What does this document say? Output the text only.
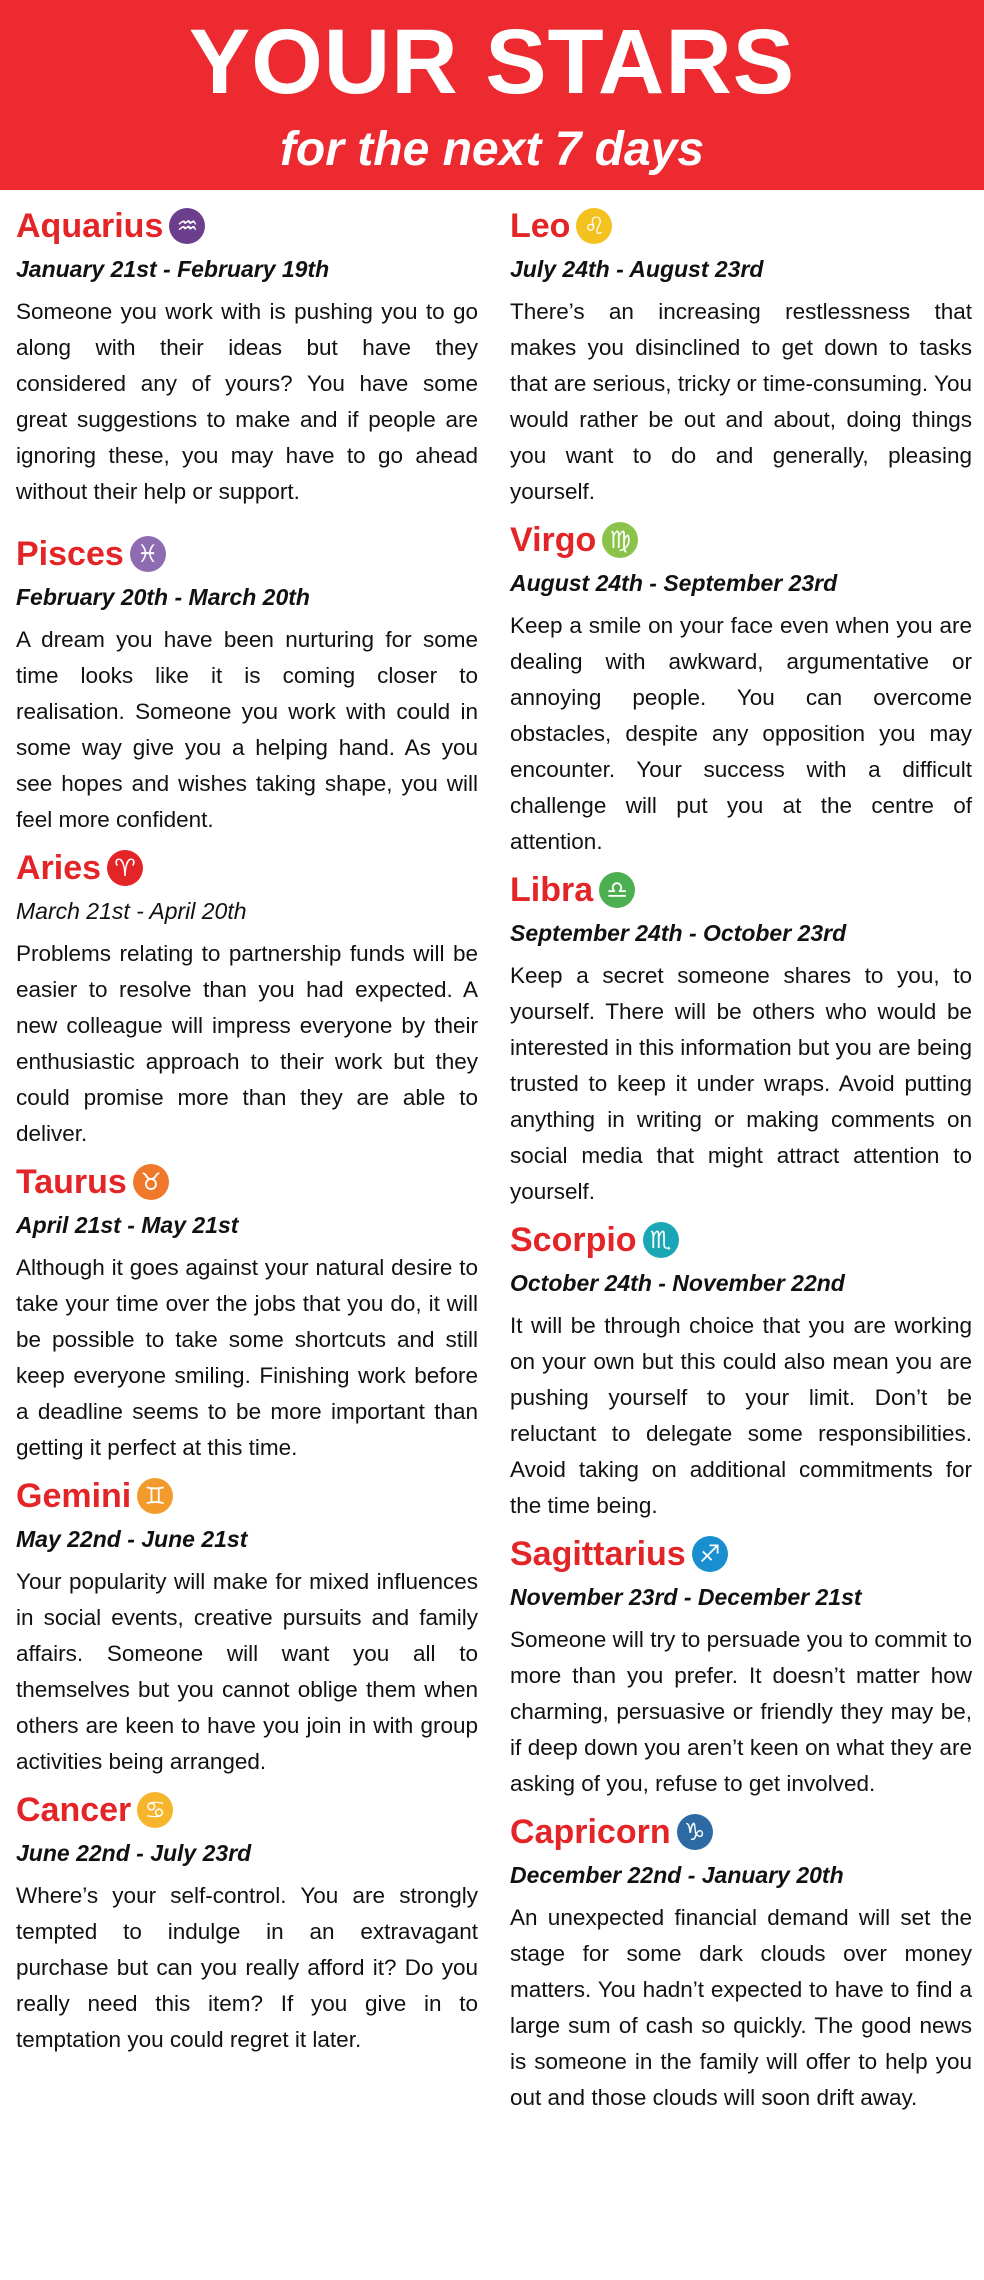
YOUR STARS
for the next 7 days
Aquarius ♒
January 21st - February 19th
Someone you work with is pushing you to go along with their ideas but have they considered any of yours? You have some great suggestions to make and if people are ignoring these, you may have to go ahead without their help or support.
Pisces ♓
February 20th - March 20th
A dream you have been nurturing for some time looks like it is coming closer to realisation. Someone you work with could in some way give you a helping hand. As you see hopes and wishes taking shape, you will feel more confident.
Aries ♈
March 21st - April 20th
Problems relating to partnership funds will be easier to resolve than you had expected. A new colleague will impress everyone by their enthusiastic approach to their work but they could promise more than they are able to deliver.
Taurus ♉
April 21st - May 21st
Although it goes against your natural desire to take your time over the jobs that you do, it will be possible to take some shortcuts and still keep everyone smiling. Finishing work before a deadline seems to be more important than getting it perfect at this time.
Gemini ♊
May 22nd - June 21st
Your popularity will make for mixed influences in social events, creative pursuits and family affairs. Someone will want you all to themselves but you cannot oblige them when others are keen to have you join in with group activities being arranged.
Cancer ♋
June 22nd - July 23rd
Where’s your self-control. You are strongly tempted to indulge in an extravagant purchase but can you really afford it? Do you really need this item? If you give in to temptation you could regret it later.
Leo ♌
July 24th - August 23rd
There’s an increasing restlessness that makes you disinclined to get down to tasks that are serious, tricky or time-consuming. You would rather be out and about, doing things you want to do and generally, pleasing yourself.
Virgo ♍
August 24th - September 23rd
Keep a smile on your face even when you are dealing with awkward, argumentative or annoying people. You can overcome obstacles, despite any opposition you may encounter. Your success with a difficult challenge will put you at the centre of attention.
Libra ♎
September 24th - October 23rd
Keep a secret someone shares to you, to yourself. There will be others who would be interested in this information but you are being trusted to keep it under wraps. Avoid putting anything in writing or making comments on social media that might attract attention to yourself.
Scorpio ♏
October 24th - November 22nd
It will be through choice that you are working on your own but this could also mean you are pushing yourself to your limit. Don’t be reluctant to delegate some responsibilities. Avoid taking on additional commitments for the time being.
Sagittarius ♐
November 23rd - December 21st
Someone will try to persuade you to commit to more than you prefer. It doesn’t matter how charming, persuasive or friendly they may be, if deep down you aren’t keen on what they are asking of you, refuse to get involved.
Capricorn ♑
December 22nd - January 20th
An unexpected financial demand will set the stage for some dark clouds over money matters. You hadn’t expected to have to find a large sum of cash so quickly. The good news is someone in the family will offer to help you out and those clouds will soon drift away.
